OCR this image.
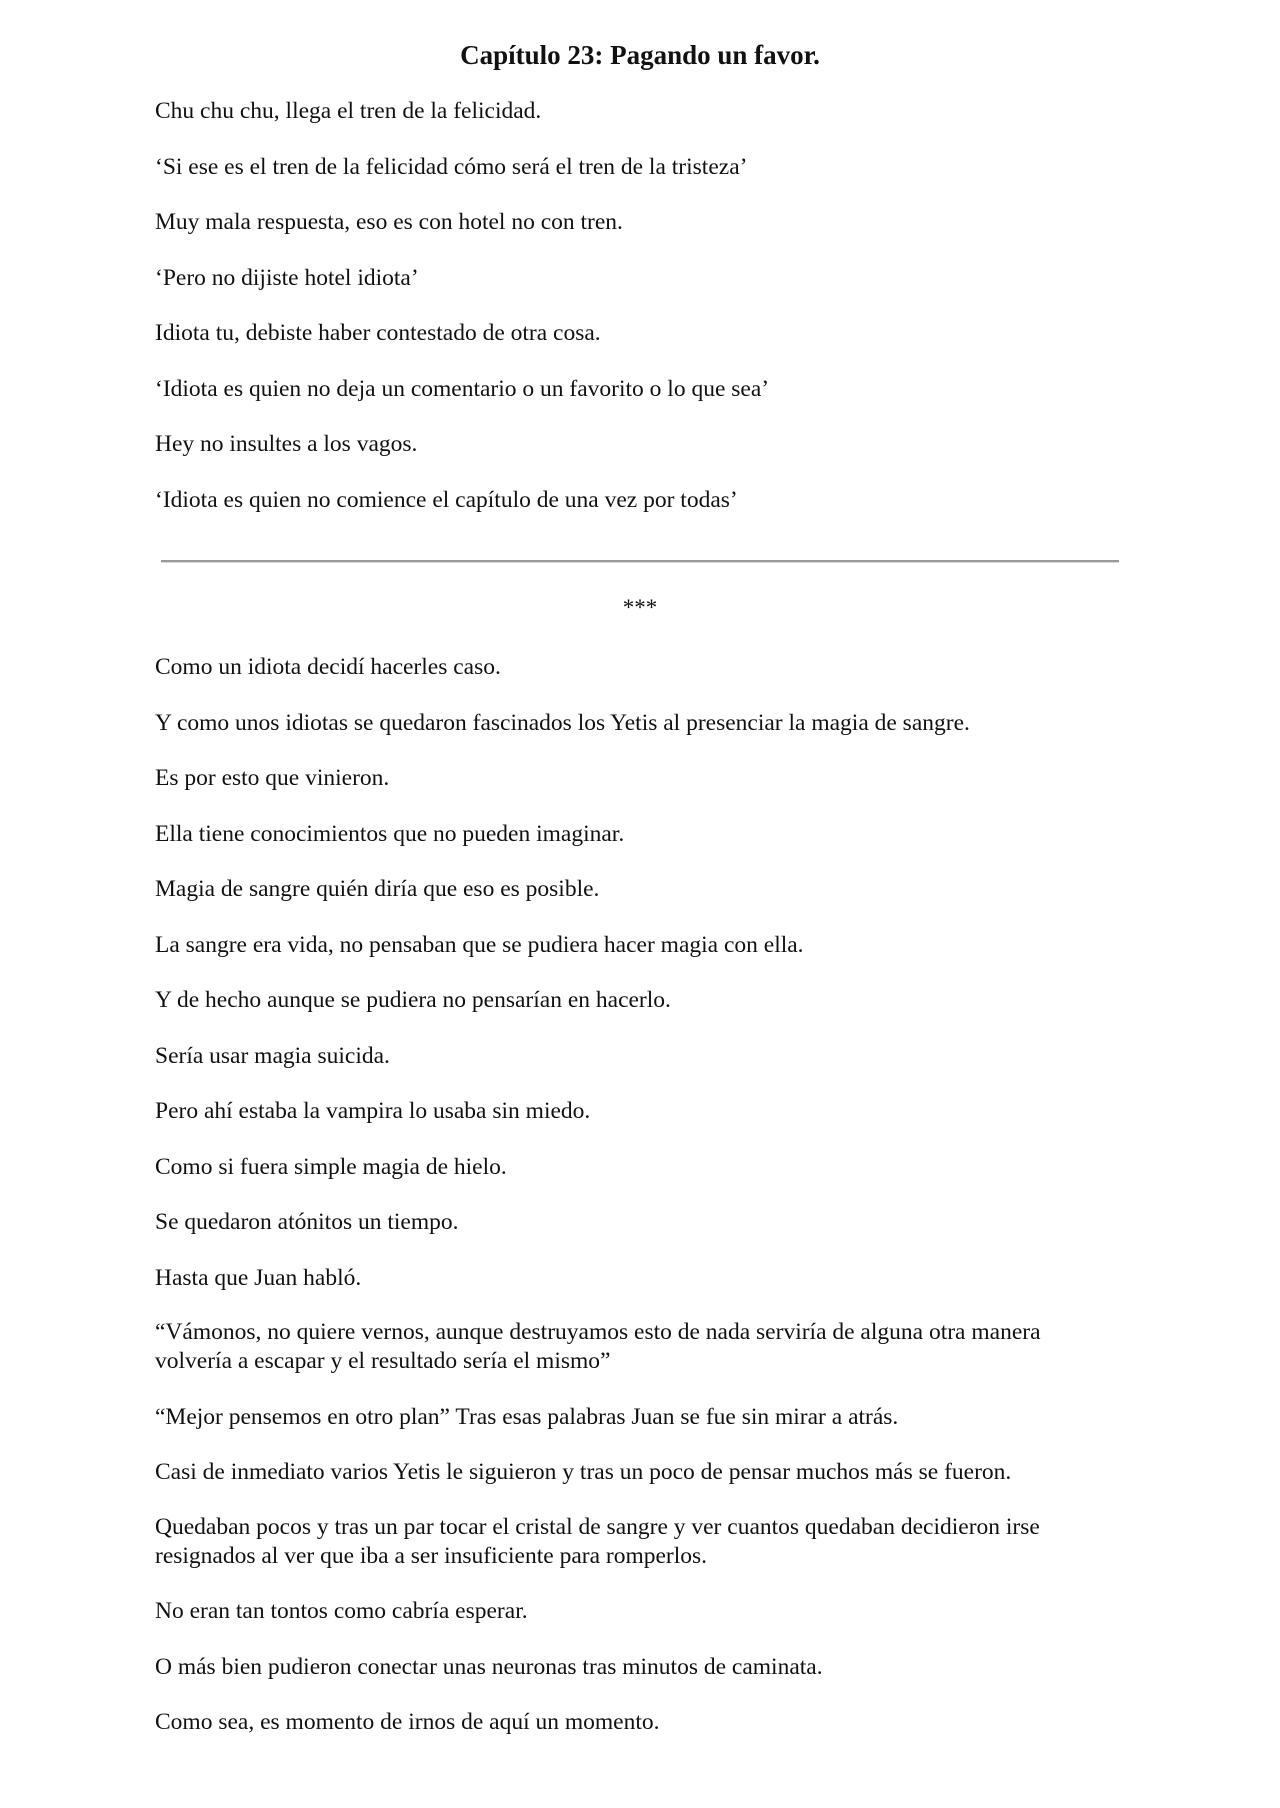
Capítulo 23: Pagando un favor.

Chu chu chu, llega el tren de la felicidad.

‘Si ese es el tren de la felicidad cómo será el tren de la tristeza’

Muy mala respuesta, eso es con hotel no con tren.

‘Pero no dijiste hotel idiota’

Idiota tu, debiste haber contestado de otra cosa.

‘Idiota es quien no deja un comentario o un favorito o lo que sea’

Hey no insultes a los vagos.

‘Idiota es quien no comience el capítulo de una vez por todas’

***

Como un idiota decidí hacerles caso.

Y como unos idiotas se quedaron fascinados los Yetis al presenciar la magia de sangre.

Es por esto que vinieron.

Ella tiene conocimientos que no pueden imaginar.

Magia de sangre quién diría que eso es posible.

La sangre era vida, no pensaban que se pudiera hacer magia con ella.

Y de hecho aunque se pudiera no pensarían en hacerlo.

Sería usar magia suicida.

Pero ahí estaba la vampira lo usaba sin miedo.

Como si fuera simple magia de hielo.

Se quedaron atónitos un tiempo.

Hasta que Juan habló.

“Vámonos, no quiere vernos, aunque destruyamos esto de nada serviría de alguna otra manera volvería a escapar y el resultado sería el mismo”

“Mejor pensemos en otro plan” Tras esas palabras Juan se fue sin mirar a atrás.

Casi de inmediato varios Yetis le siguieron y tras un poco de pensar muchos más se fueron.

Quedaban pocos y tras un par tocar el cristal de sangre y ver cuantos quedaban decidieron irse resignados al ver que iba a ser insuficiente para romperlos.

No eran tan tontos como cabría esperar.

O más bien pudieron conectar unas neuronas tras minutos de caminata.

Como sea, es momento de irnos de aquí un momento.
